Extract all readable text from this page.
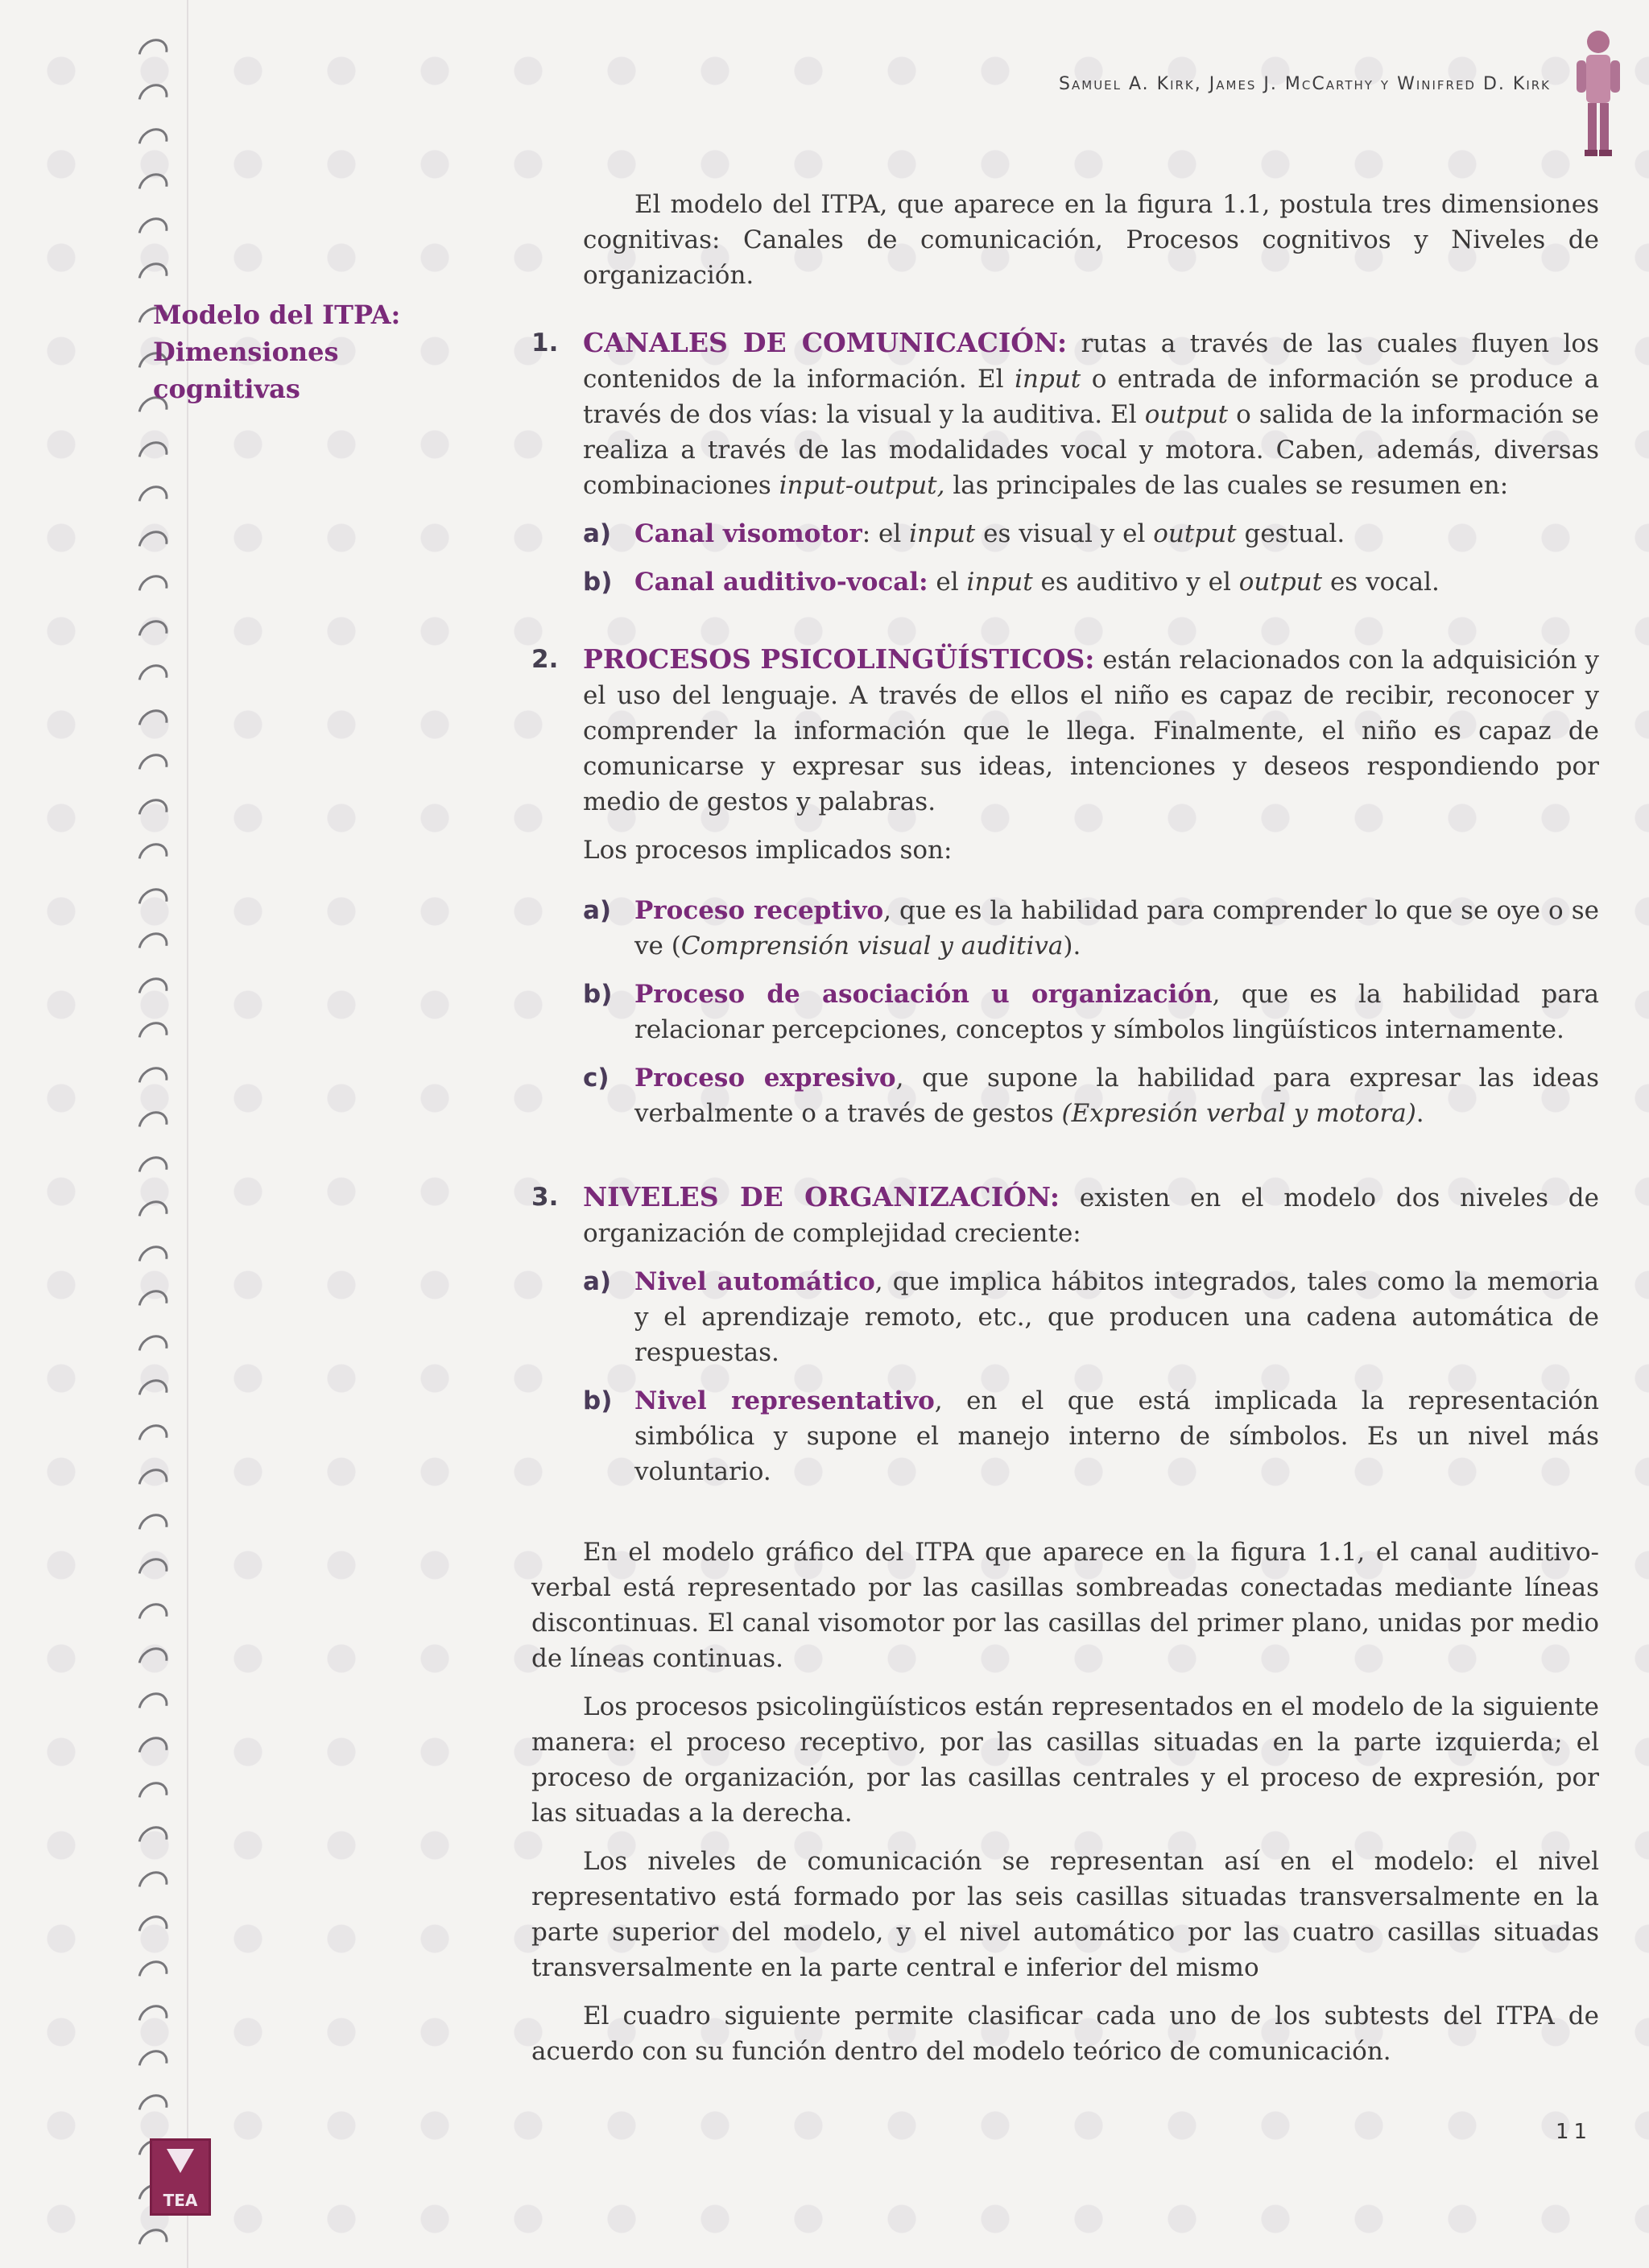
Samuel A. Kirk, James J. McCarthy y Winifred D. Kirk
Modelo del ITPA:
Dimensiones
cognitivas

El modelo del ITPA, que aparece en la figura 1.1, postula tres dimensiones cognitivas: Canales de comunicación, Procesos cognitivos y Niveles de organización.

1. CANALES DE COMUNICACIÓN: rutas a través de las cuales fluyen los contenidos de la información. El input o entrada de información se produce a través de dos vías: la visual y la auditiva. El output o salida de la información se realiza a través de las modalidades vocal y motora. Caben, además, diversas combinaciones input-output, las principales de las cuales se resumen en:

a) Canal visomotor: el input es visual y el output gestual.
b) Canal auditivo-vocal: el input es auditivo y el output es vocal.
2. PROCESOS PSICOLINGÜÍSTICOS: están relacionados con la adquisición y el uso del lenguaje. A través de ellos el niño es capaz de recibir, reconocer y comprender la información que le llega. Finalmente, el niño es capaz de comunicarse y expresar sus ideas, intenciones y deseos respondiendo por medio de gestos y palabras.

Los procesos implicados son:

a) Proceso receptivo, que es la habilidad para comprender lo que se oye o se ve (Comprensión visual y auditiva).
b) Proceso de asociación u organización, que es la habilidad para relacionar percepciones, conceptos y símbolos lingüísticos internamente.
c) Proceso expresivo, que supone la habilidad para expresar las ideas verbalmente o a través de gestos (Expresión verbal y motora).
3. NIVELES DE ORGANIZACIÓN: existen en el modelo dos niveles de organización de complejidad creciente:

a) Nivel automático, que implica hábitos integrados, tales como la memoria y el aprendizaje remoto, etc., que producen una cadena automática de respuestas.
b) Nivel representativo, en el que está implicada la representación simbólica y supone el manejo interno de símbolos. Es un nivel más voluntario.

En el modelo gráfico del ITPA que aparece en la figura 1.1, el canal auditivo-verbal está representado por las casillas sombreadas conectadas mediante líneas discontinuas. El canal visomotor por las casillas del primer plano, unidas por medio de líneas continuas.

Los procesos psicolingüísticos están representados en el modelo de la siguiente manera: el proceso receptivo, por las casillas situadas en la parte izquierda; el proceso de organización, por las casillas centrales y el proceso de expresión, por las situadas a la derecha.

Los niveles de comunicación se representan así en el modelo: el nivel representativo está formado por las seis casillas situadas transversalmente en la parte superior del modelo, y el nivel automático por las cuatro casillas situadas transversalmente en la parte central e inferior del mismo

El cuadro siguiente permite clasificar cada uno de los subtests del ITPA de acuerdo con su función dentro del modelo teórico de comunicación.

TEA
11
